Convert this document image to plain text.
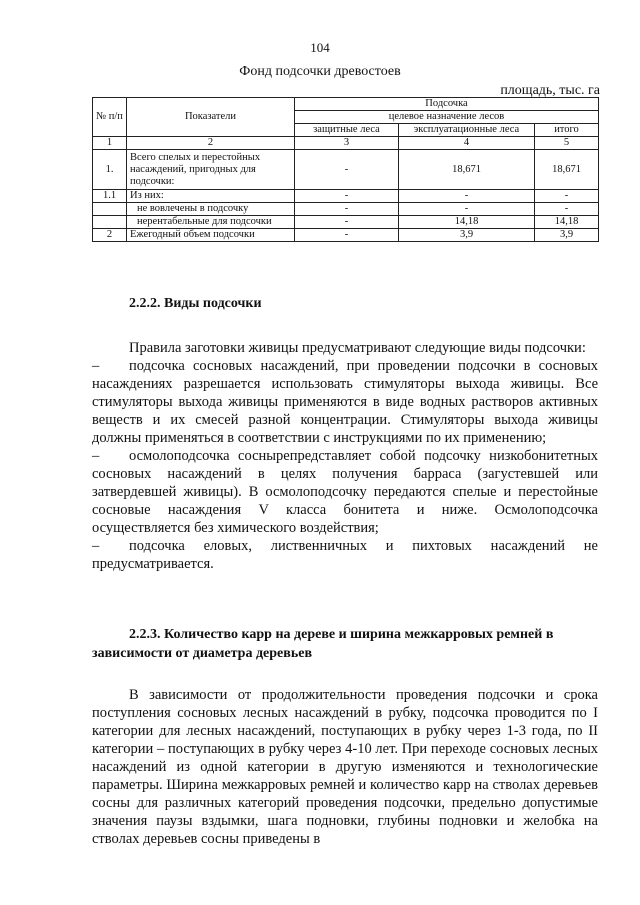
104
Фонд подсочки древостоев
площадь, тыс. га
№ п/п	Показатели	Подсочка		
		целевое назначение лесов		
		защитные леса	эксплуатационные леса	итого
1	2	3	4	5
1.	Всего спелых и перестойных насаждений, пригодных для подсочки:	-	18,671	18,671
1.1	Из них:	-	-	-
	не вовлечены в подсочку	-	-	-
	нерентабельные для подсочки	-	14,18	14,18
2	Ежегодный объем подсочки	-	3,9	3,9
2.2.2. Виды подсочки

Правила заготовки живицы предусматривают следующие виды подсочки:

– подсочка сосновых насаждений, при проведении подсочки в сосновых насаждениях разрешается использовать стимуляторы выхода живицы. Все стимуляторы выхода живицы применяются в виде водных растворов активных веществ и их смесей разной концентрации. Стимуляторы выхода живицы должны применяться в соответствии с инструкциями по их применению;

– осмолоподсочка соснырепредставляет собой подсочку низкобонитетных сосновых насаждений в целях получения барраса (загустевшей или затвердевшей живицы). В осмолоподсочку передаются спелые и перестойные сосновые насаждения V класса бонитета и ниже. Осмолоподсочка осуществляется без химического воздействия;

– подсочка еловых, лиственничных и пихтовых насаждений не предусматривается.

2.2.3. Количество карр на дереве и ширина межкарровых ремней в зависимости от диаметра деревьев

В зависимости от продолжительности проведения подсочки и срока поступления сосновых лесных насаждений в рубку, подсочка проводится по I категории для лесных насаждений, поступающих в рубку через 1-3 года, по II категории – поступающих в рубку через 4-10 лет. При переходе сосновых лесных насаждений из одной категории в другую изменяются и технологические параметры. Ширина межкарровых ремней и количество карр на стволах деревьев сосны для различных категорий проведения подсочки, предельно допустимые значения паузы вздымки, шага подновки, глубины подновки и желобка на стволах деревьев сосны приведены в
